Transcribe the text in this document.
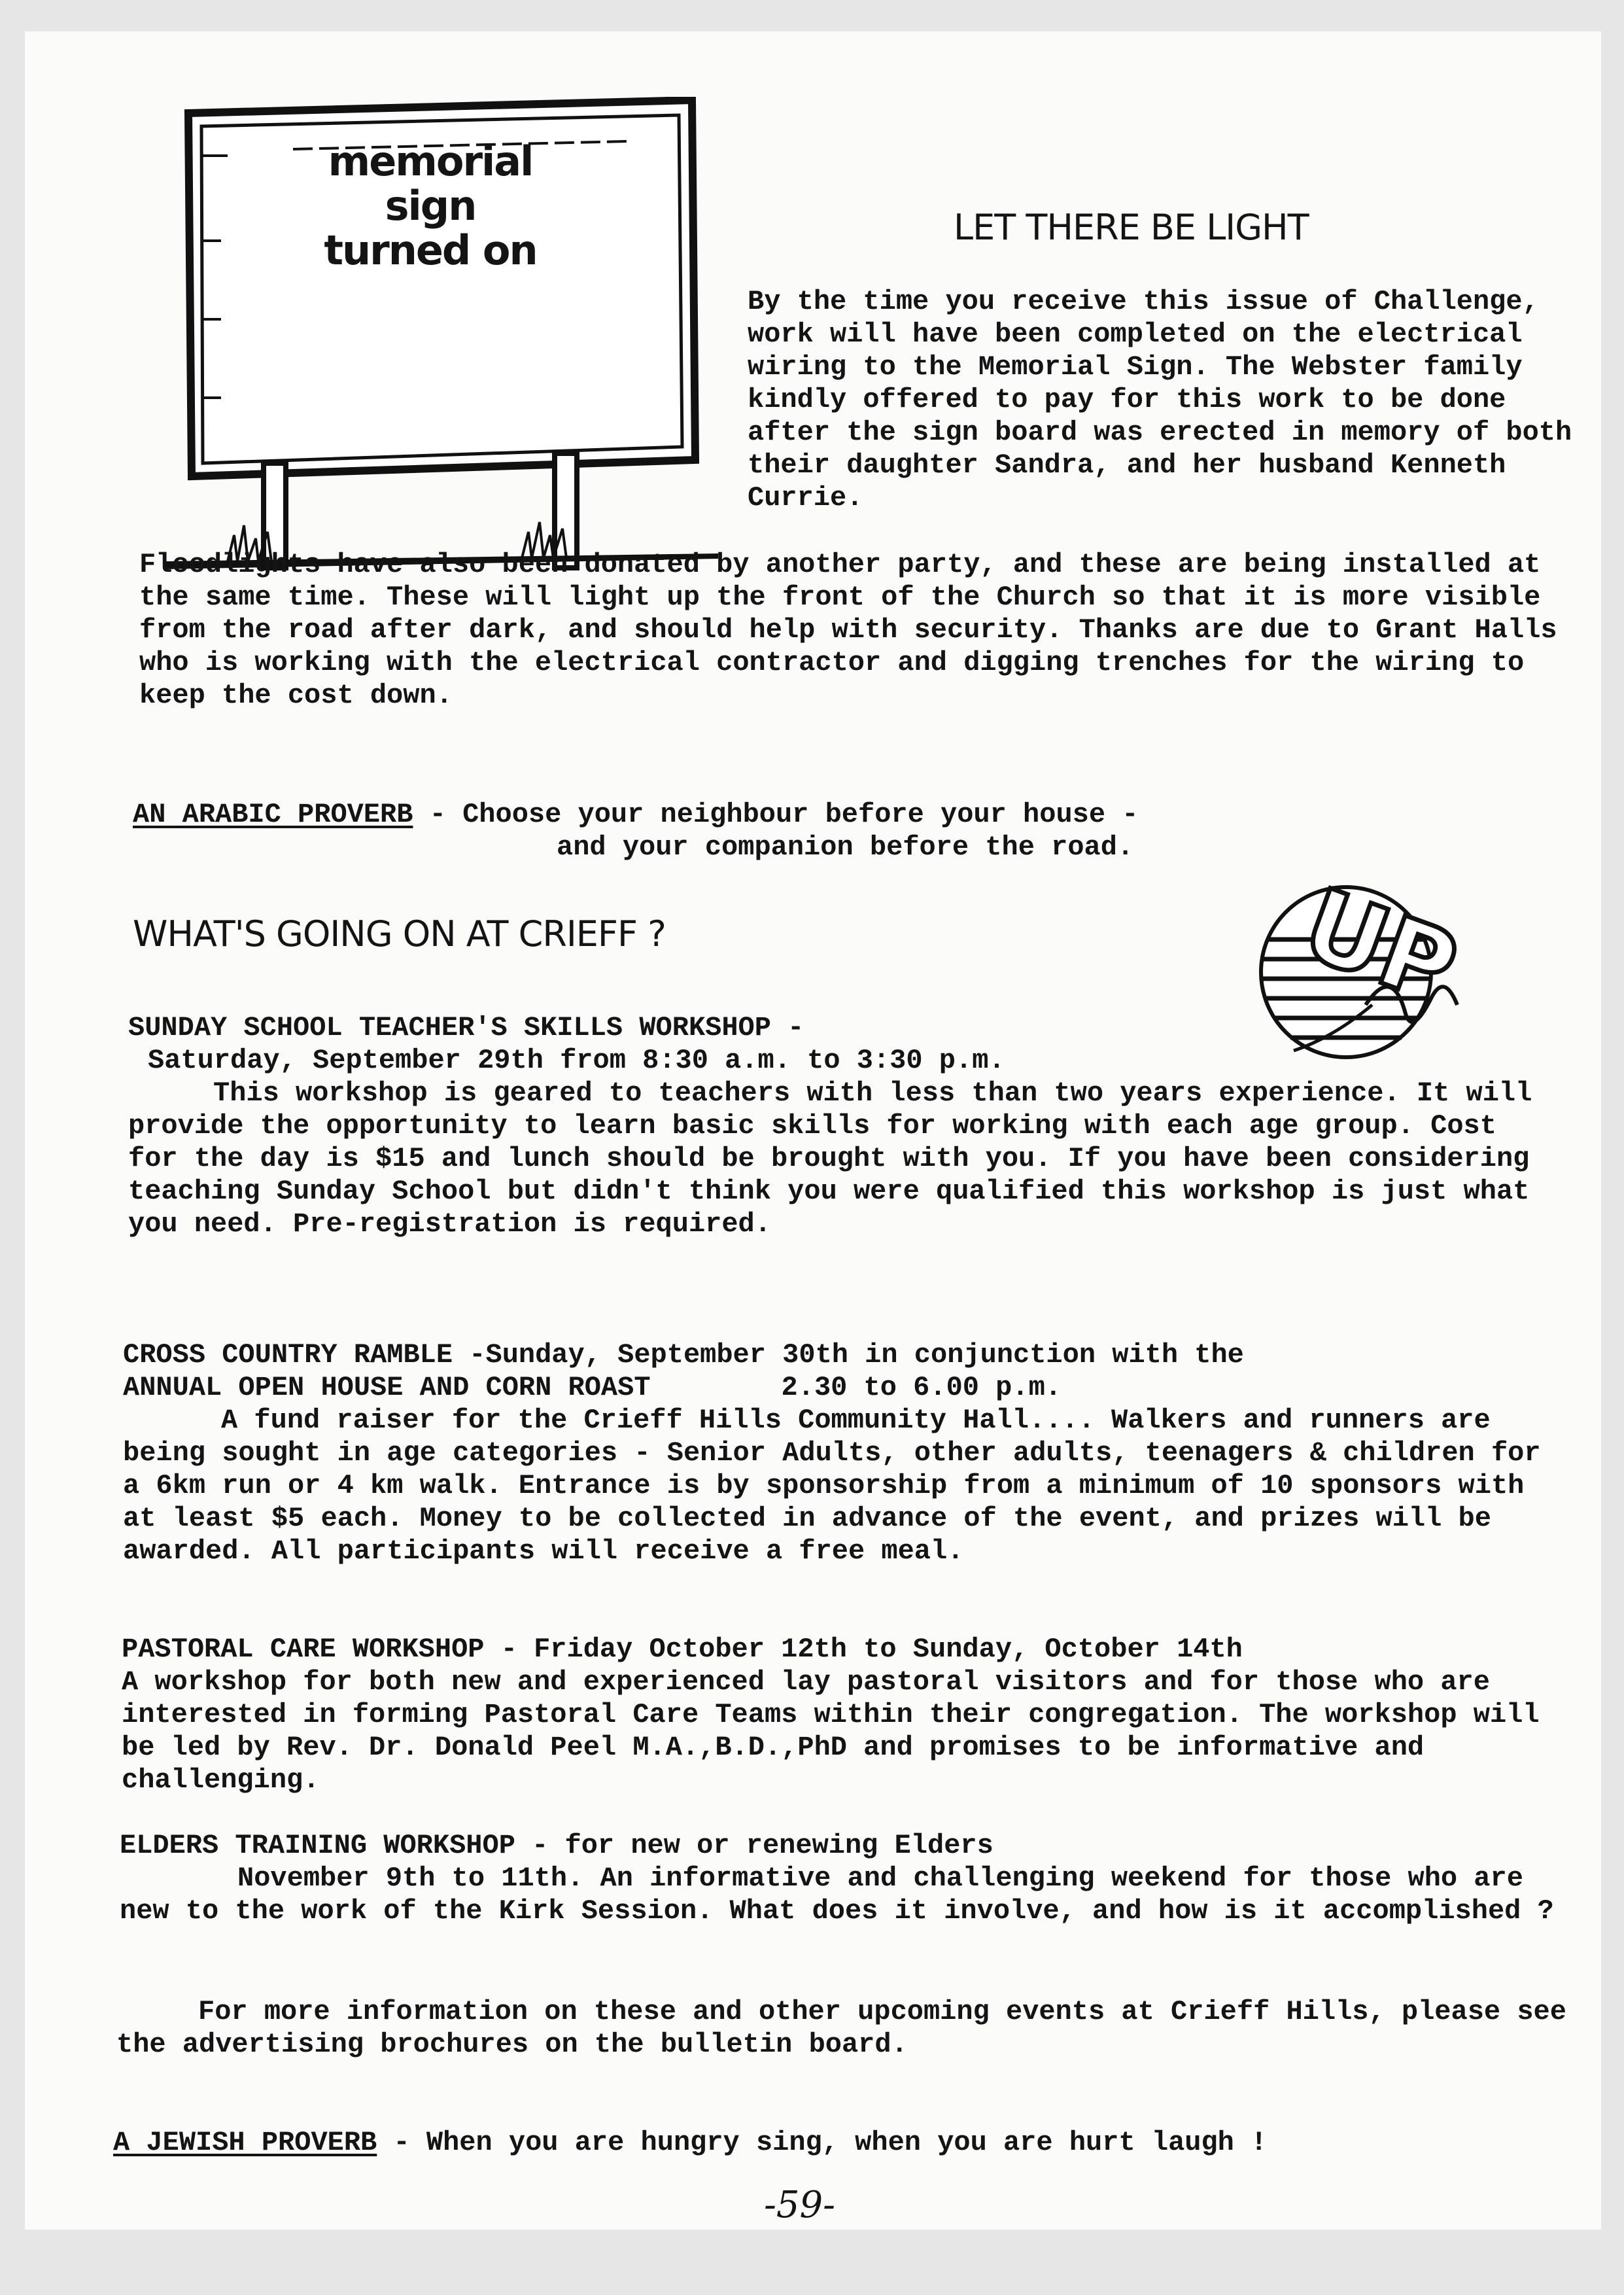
memorial
sign
turned on	LET THERE BE LIGHT

By the time you receive this issue of Challenge, work will have been completed on the electrical wiring to the Memorial Sign. The Webster family kindly offered to pay for this work to be done after the sign board was erected in memory of both their daughter Sandra, and her husband Kenneth Currie.

Floodlights have also been donated by another party, and these are being installed at the same time. These will light up the front of the Church so that it is more visible from the road after dark, and should help with security. Thanks are due to Grant Halls who is working with the electrical contractor and digging trenches for the wiring to keep the cost down.

AN ARABIC PROVERB - Choose your neighbour before your house -
and your companion before the road.
WHAT'S GOING ON AT CRIEFF ?	UP

SUNDAY SCHOOL TEACHER'S SKILLS WORKSHOP -

Saturday, September 29th from 8:30 a.m. to 3:30 p.m.

This workshop is geared to teachers with less than two years experience. It will provide the opportunity to learn basic skills for working with each age group. Cost for the day is $15 and lunch should be brought with you. If you have been considering teaching Sunday School but didn't think you were qualified this workshop is just what you need. Pre-registration is required.

CROSS COUNTRY RAMBLE -Sunday, September 30th in conjunction with the

ANNUAL OPEN HOUSE AND CORN ROAST	2.30 to 6.00 p.m.

A fund raiser for the Crieff Hills Community Hall.... Walkers and runners are being sought in age categories - Senior Adults, other adults, teenagers & children for a 6km run or 4 km walk. Entrance is by sponsorship from a minimum of 10 sponsors with at least $5 each. Money to be collected in advance of the event, and prizes will be awarded. All participants will receive a free meal.

PASTORAL CARE WORKSHOP - Friday October 12th to Sunday, October 14th

A workshop for both new and experienced lay pastoral visitors and for those who are interested in forming Pastoral Care Teams within their congregation. The workshop will be led by Rev. Dr. Donald Peel M.A.,B.D.,PhD and promises to be informative and challenging.

ELDERS TRAINING WORKSHOP - for new or renewing Elders

November 9th to 11th. An informative and challenging weekend for those who are new to the work of the Kirk Session. What does it involve, and how is it accomplished ?

For more information on these and other upcoming events at Crieff Hills, please see the advertising brochures on the bulletin board.

A JEWISH PROVERB - When you are hungry sing, when you are hurt laugh !
-59-
